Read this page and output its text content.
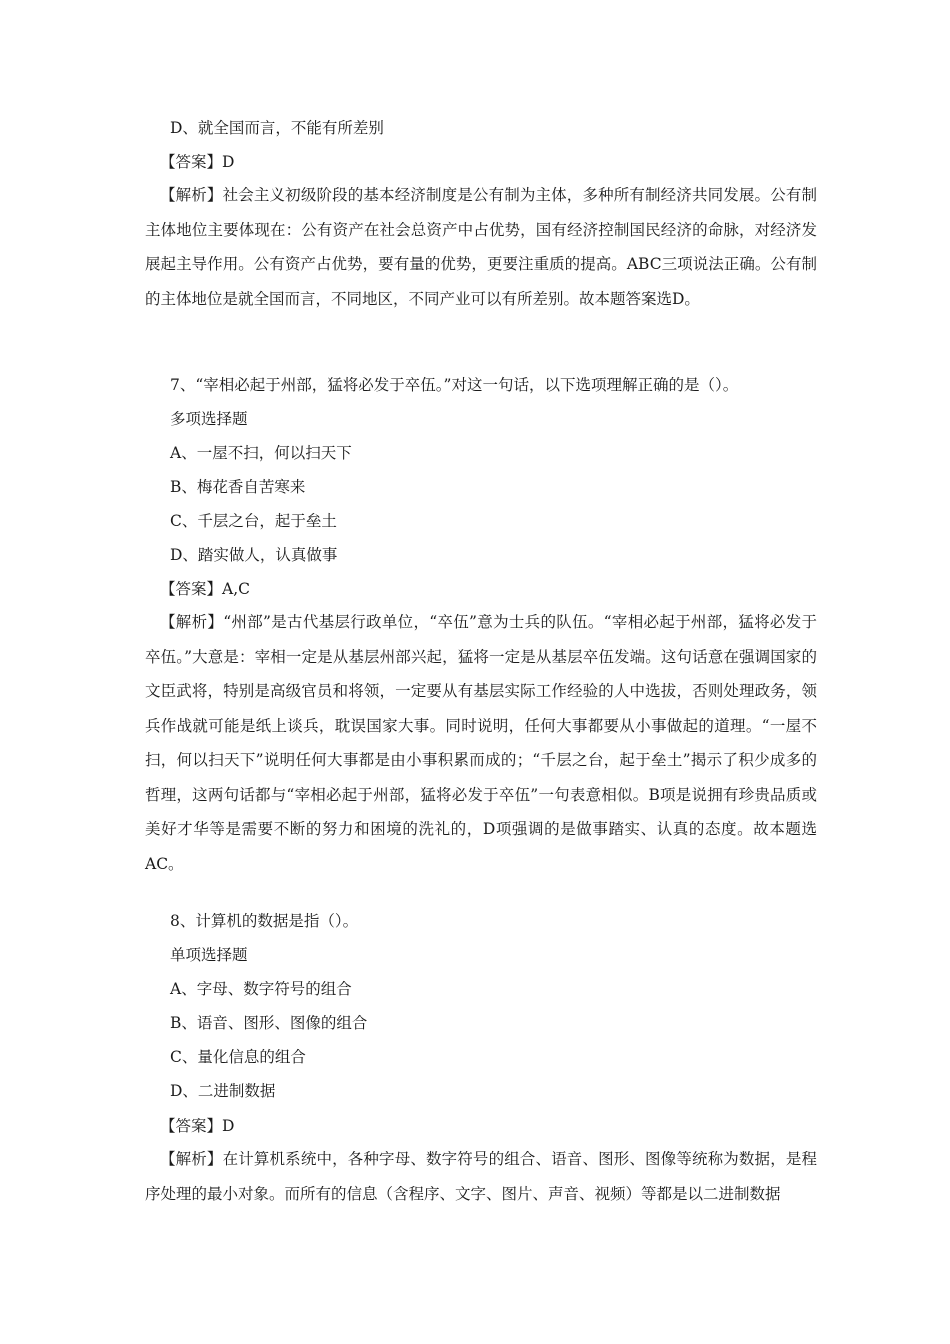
D、就全国而言，不能有所差别
【答案】D
【解析】社会主义初级阶段的基本经济制度是公有制为主体，多种所有制经济共同发展。公有制主体地位主要体现在：公有资产在社会总资产中占优势，国有经济控制国民经济的命脉，对经济发展起主导作用。公有资产占优势，要有量的优势，更要注重质的提高。ABC三项说法正确。公有制的主体地位是就全国而言，不同地区，不同产业可以有所差别。故本题答案选D。
7、“宰相必起于州部，猛将必发于卒伍。”对这一句话，以下选项理解正确的是（）。
多项选择题
A、一屋不扫，何以扫天下
B、梅花香自苦寒来
C、千层之台，起于垒土
D、踏实做人，认真做事
【答案】A,C
【解析】“州部”是古代基层行政单位，“卒伍”意为士兵的队伍。“宰相必起于州部，猛将必发于卒伍。”大意是：宰相一定是从基层州部兴起，猛将一定是从基层卒伍发端。这句话意在强调国家的文臣武将，特别是高级官员和将领，一定要从有基层实际工作经验的人中选拔，否则处理政务，领兵作战就可能是纸上谈兵，耽误国家大事。同时说明，任何大事都要从小事做起的道理。“一屋不扫，何以扫天下”说明任何大事都是由小事积累而成的；“千层之台，起于垒土”揭示了积少成多的哲理，这两句话都与“宰相必起于州部，猛将必发于卒伍”一句表意相似。B项是说拥有珍贵品质或美好才华等是需要不断的努力和困境的洗礼的，D项强调的是做事踏实、认真的态度。故本题选AC。
8、计算机的数据是指（）。
单项选择题
A、字母、数字符号的组合
B、语音、图形、图像的组合
C、量化信息的组合
D、二进制数据
【答案】D
【解析】在计算机系统中，各种字母、数字符号的组合、语音、图形、图像等统称为数据，是程序处理的最小对象。而所有的信息（含程序、文字、图片、声音、视频）等都是以二进制数据
